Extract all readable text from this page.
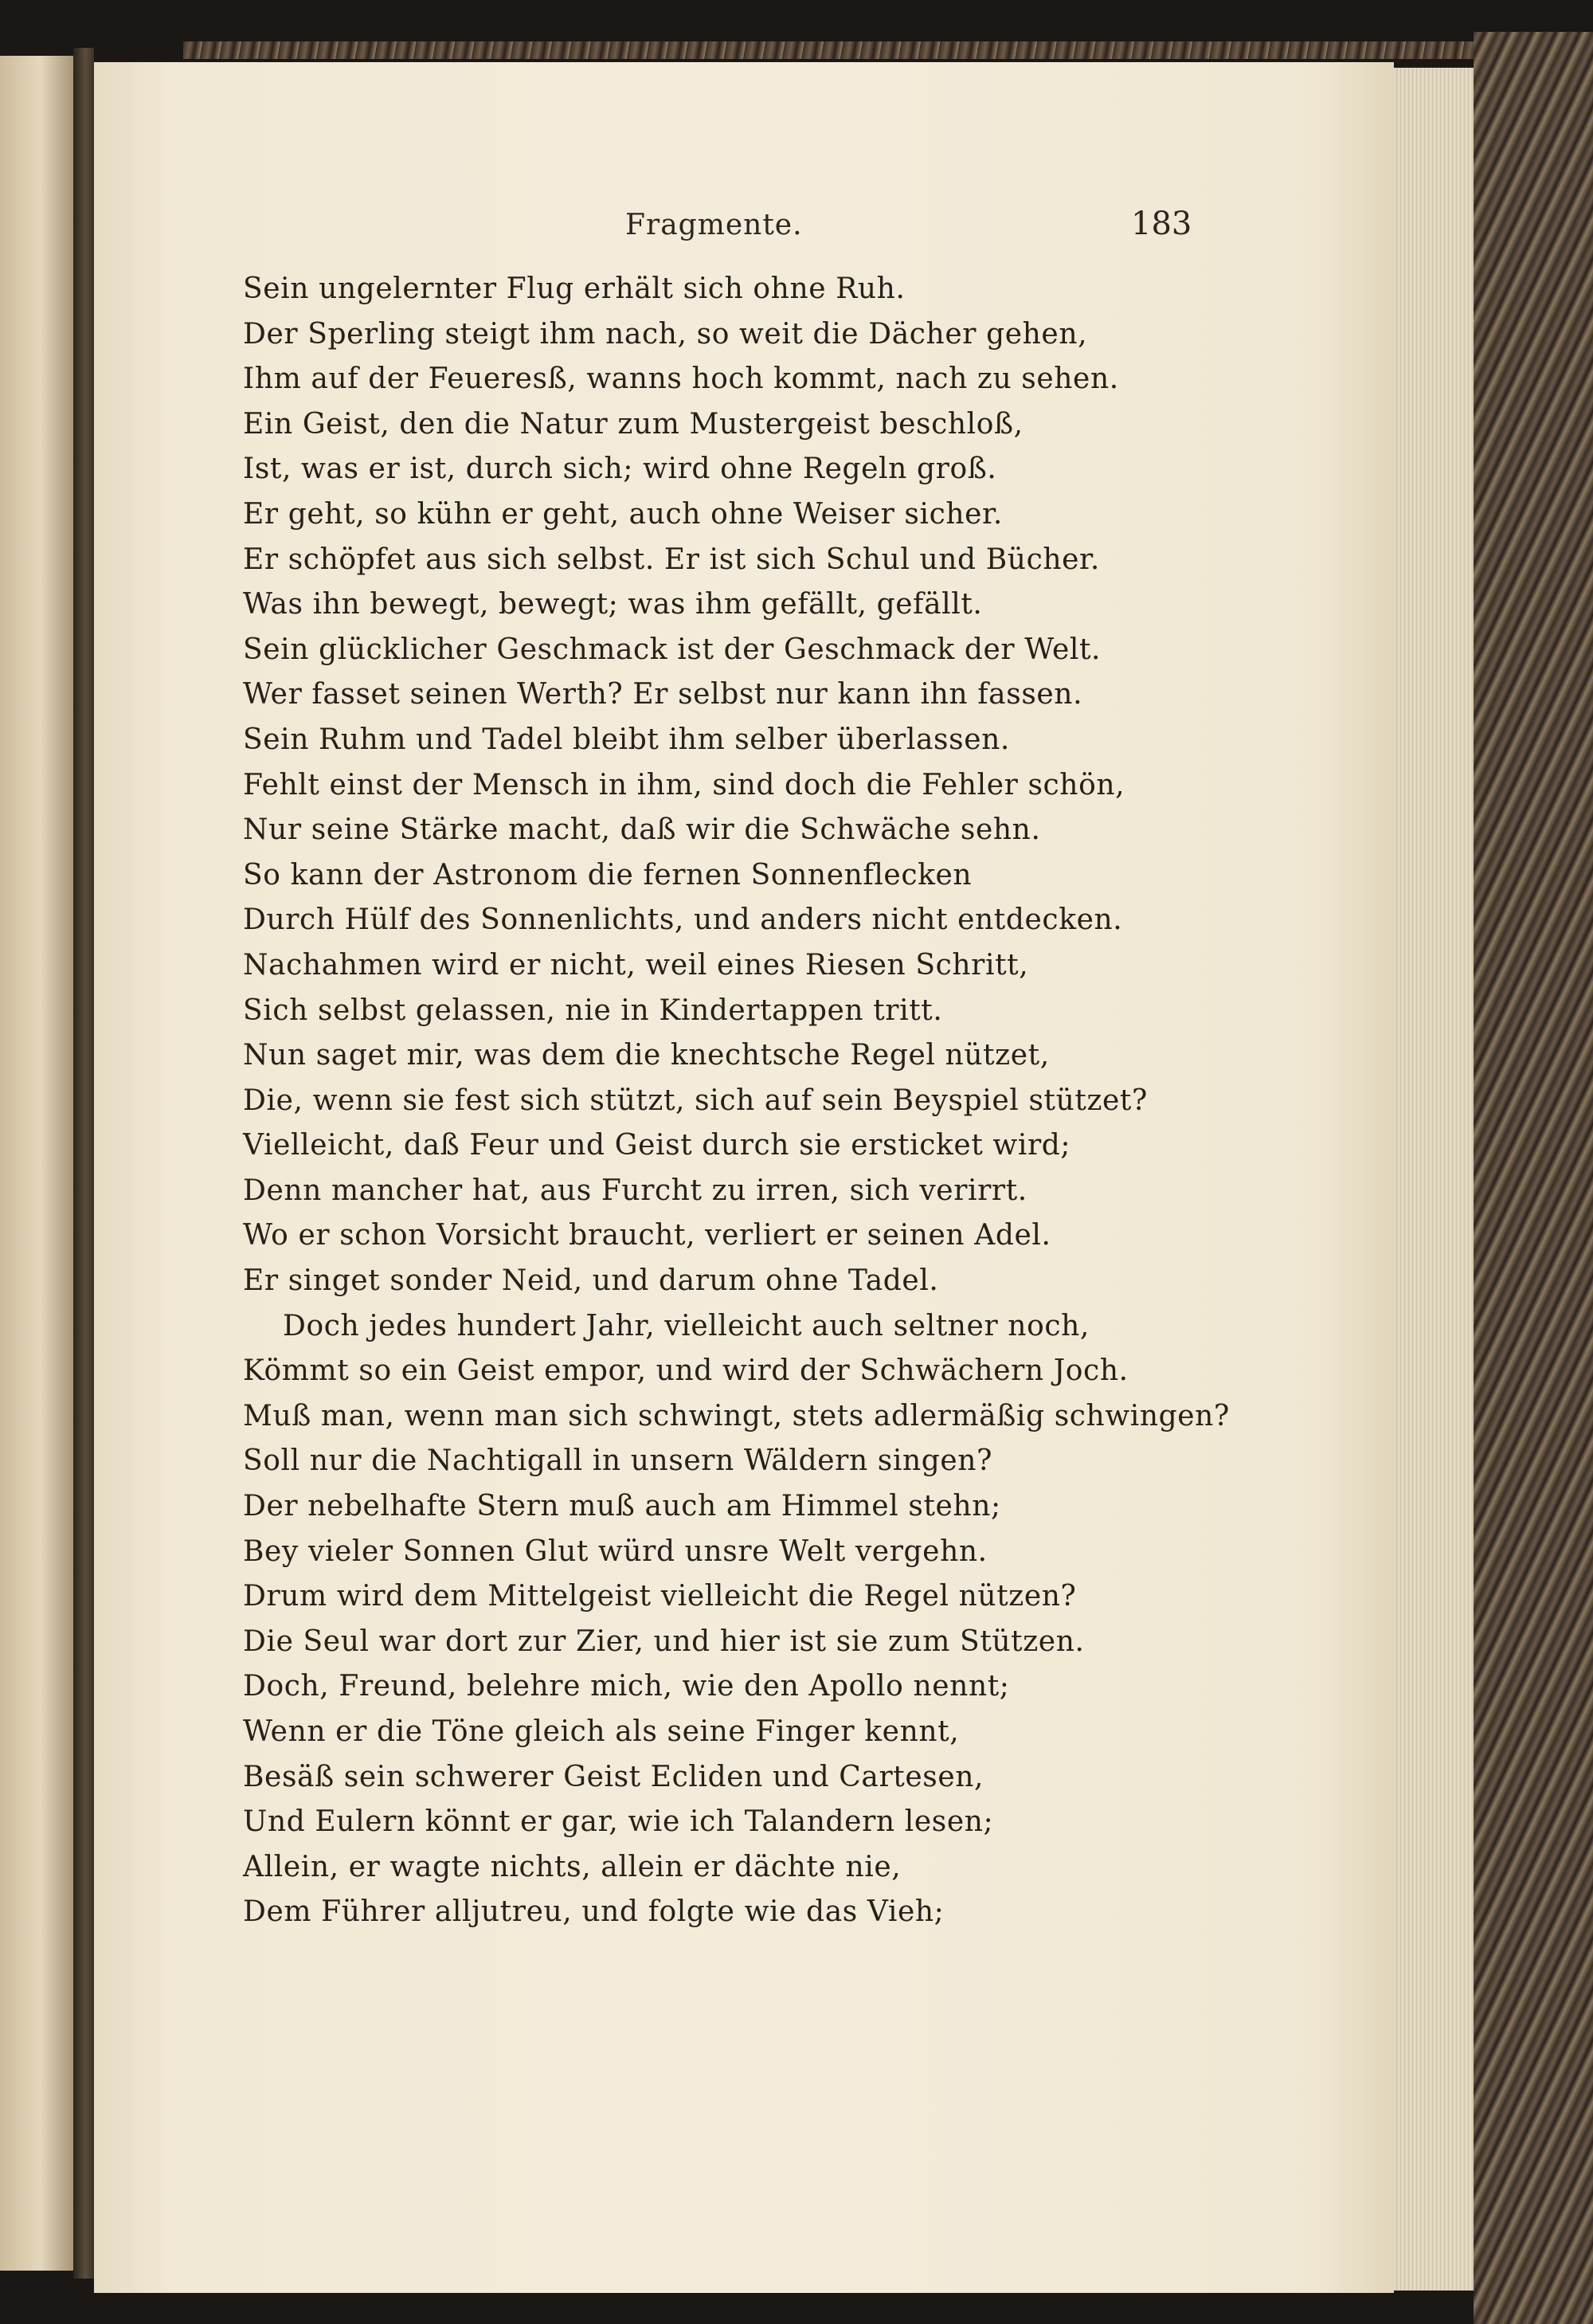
Fragmente.	183
Sein ungelernter Flug erhält sich ohne Ruh.
Der Sperling steigt ihm nach, so weit die Dächer gehen,
Ihm auf der Feueresß, wanns hoch kommt, nach zu sehen.
Ein Geist, den die Natur zum Mustergeist beschloß,
Ist, was er ist, durch sich; wird ohne Regeln groß.
Er geht, so kühn er geht, auch ohne Weiser sicher.
Er schöpfet aus sich selbst. Er ist sich Schul und Bücher.
Was ihn bewegt, bewegt; was ihm gefällt, gefällt.
Sein glücklicher Geschmack ist der Geschmack der Welt.
Wer fasset seinen Werth? Er selbst nur kann ihn fassen.
Sein Ruhm und Tadel bleibt ihm selber überlassen.
Fehlt einst der Mensch in ihm, sind doch die Fehler schön,
Nur seine Stärke macht, daß wir die Schwäche sehn.
So kann der Astronom die fernen Sonnenflecken
Durch Hülf des Sonnenlichts, und anders nicht entdecken.
Nachahmen wird er nicht, weil eines Riesen Schritt,
Sich selbst gelassen, nie in Kindertappen tritt.
Nun saget mir, was dem die knechtsche Regel nützet,
Die, wenn sie fest sich stützt, sich auf sein Beyspiel stützet?
Vielleicht, daß Feur und Geist durch sie ersticket wird;
Denn mancher hat, aus Furcht zu irren, sich verirrt.
Wo er schon Vorsicht braucht, verliert er seinen Adel.
Er singet sonder Neid, und darum ohne Tadel.
Doch jedes hundert Jahr, vielleicht auch seltner noch,
Kömmt so ein Geist empor, und wird der Schwächern Joch.
Muß man, wenn man sich schwingt, stets adlermäßig schwingen?
Soll nur die Nachtigall in unsern Wäldern singen?
Der nebelhafte Stern muß auch am Himmel stehn;
Bey vieler Sonnen Glut würd unsre Welt vergehn.
Drum wird dem Mittelgeist vielleicht die Regel nützen?
Die Seul war dort zur Zier, und hier ist sie zum Stützen.
Doch, Freund, belehre mich, wie den Apollo nennt;
Wenn er die Töne gleich als seine Finger kennt,
Besäß sein schwerer Geist Ecliden und Cartesen,
Und Eulern könnt er gar, wie ich Talandern lesen;
Allein, er wagte nichts, allein er dächte nie,
Dem Führer alljutreu, und folgte wie das Vieh;
